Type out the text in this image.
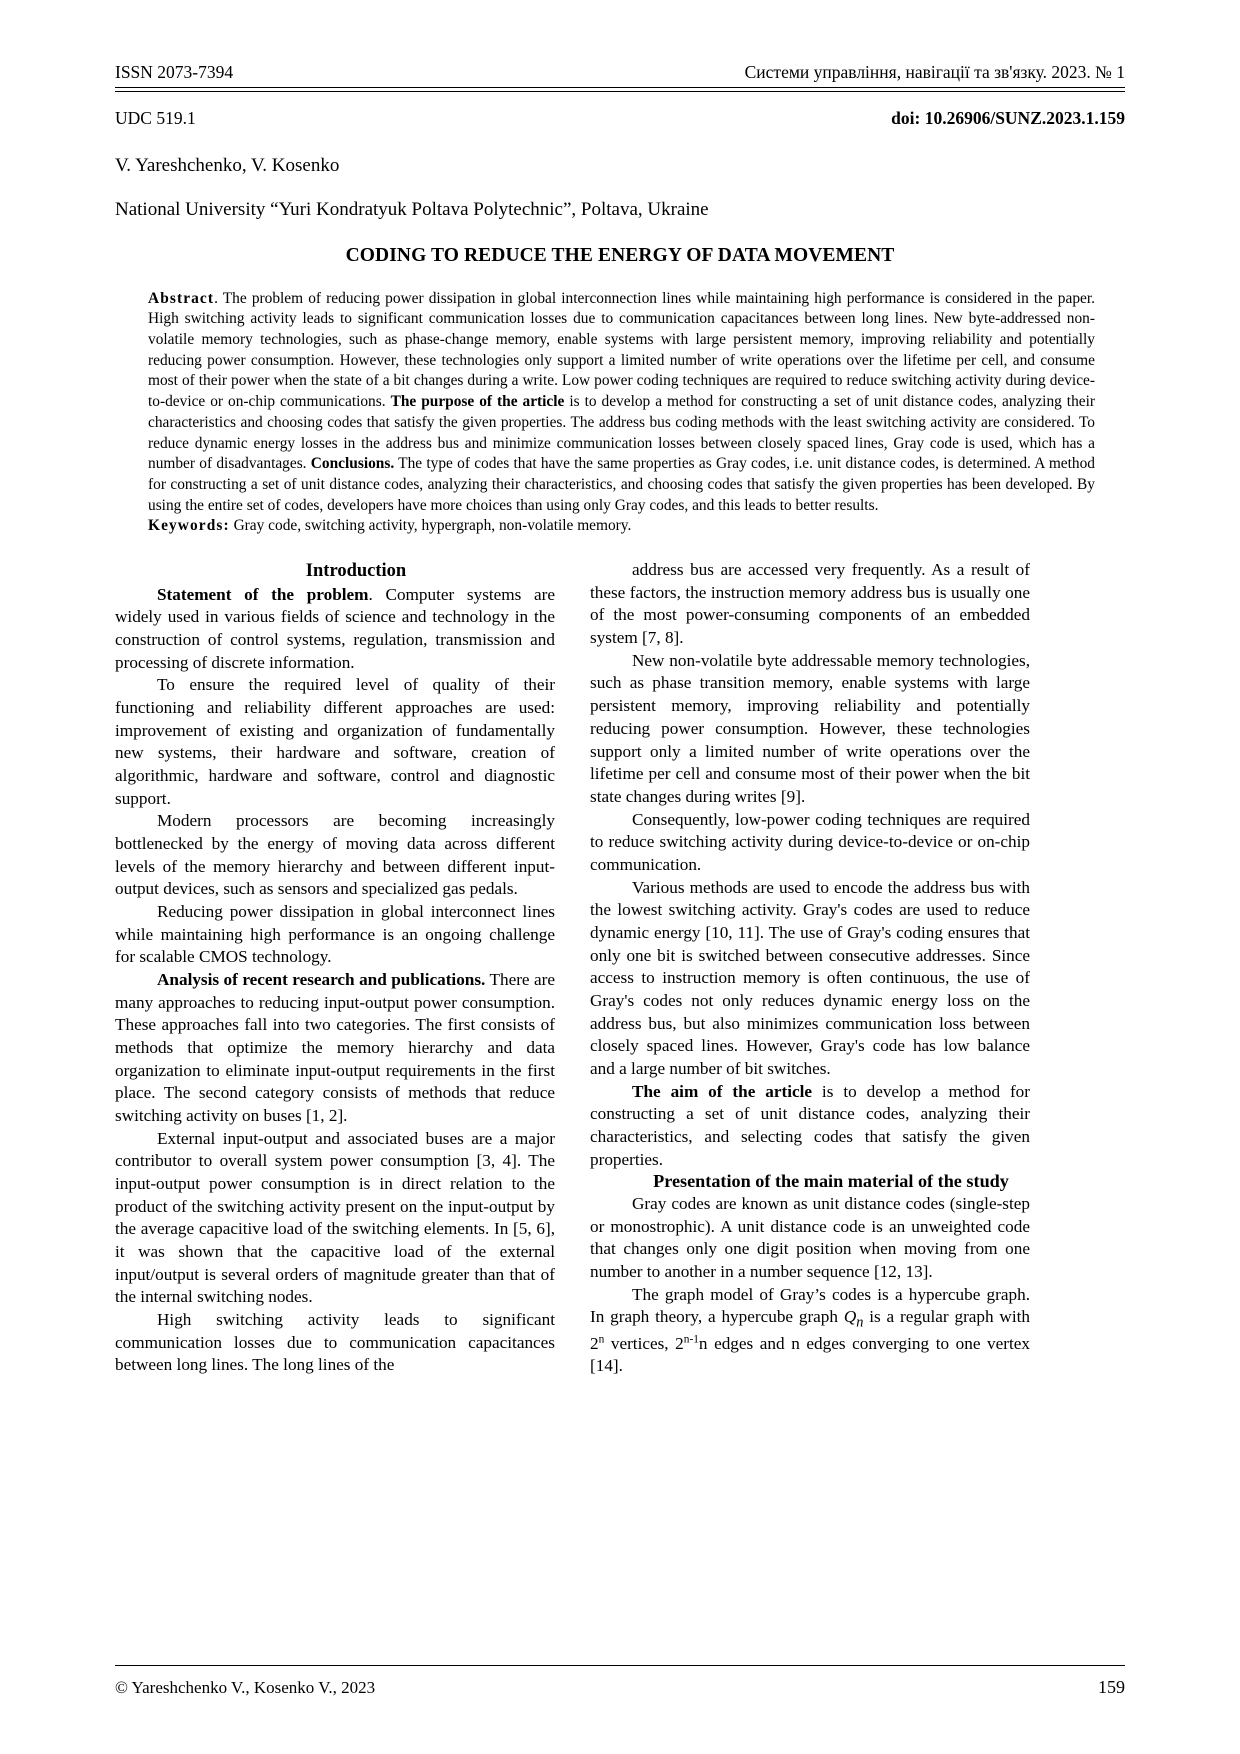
ISSN 2073-7394	Системи управління, навігації та зв'язку. 2023. № 1
UDC 519.1	doi: 10.26906/SUNZ.2023.1.159
V. Yareshchenko, V. Kosenko
National University “Yuri Kondratyuk Poltava Polytechnic”, Poltava, Ukraine
CODING TO REDUCE THE ENERGY OF DATA MOVEMENT

Abstract. The problem of reducing power dissipation in global interconnection lines while maintaining high performance is considered in the paper. High switching activity leads to significant communication losses due to communication capacitances between long lines. New byte-addressed non-volatile memory technologies, such as phase-change memory, enable systems with large persistent memory, improving reliability and potentially reducing power consumption. However, these technologies only support a limited number of write operations over the lifetime per cell, and consume most of their power when the state of a bit changes during a write. Low power coding techniques are required to reduce switching activity during device-to-device or on-chip communications. The purpose of the article is to develop a method for constructing a set of unit distance codes, analyzing their characteristics and choosing codes that satisfy the given properties. The address bus coding methods with the least switching activity are considered. To reduce dynamic energy losses in the address bus and minimize communication losses between closely spaced lines, Gray code is used, which has a number of disadvantages. Conclusions. The type of codes that have the same properties as Gray codes, i.e. unit distance codes, is determined. A method for constructing a set of unit distance codes, analyzing their characteristics, and choosing codes that satisfy the given properties has been developed. By using the entire set of codes, developers have more choices than using only Gray codes, and this leads to better results.

Keywords: Gray code, switching activity, hypergraph, non-volatile memory.

Introduction

Statement of the problem. Computer systems are widely used in various fields of science and technology in the construction of control systems, regulation, transmission and processing of discrete information.

To ensure the required level of quality of their functioning and reliability different approaches are used: improvement of existing and organization of fundamentally new systems, their hardware and software, creation of algorithmic, hardware and software, control and diagnostic support.

Modern processors are becoming increasingly bottlenecked by the energy of moving data across different levels of the memory hierarchy and between different input-output devices, such as sensors and specialized gas pedals.

Reducing power dissipation in global interconnect lines while maintaining high performance is an ongoing challenge for scalable CMOS technology.

Analysis of recent research and publications. There are many approaches to reducing input-output power consumption. These approaches fall into two categories. The first consists of methods that optimize the memory hierarchy and data organization to eliminate input-output requirements in the first place. The second category consists of methods that reduce switching activity on buses [1, 2].

External input-output and associated buses are a major contributor to overall system power consumption [3, 4]. The input-output power consumption is in direct relation to the product of the switching activity present on the input-output by the average capacitive load of the switching elements. In [5, 6], it was shown that the capacitive load of the external input/output is several orders of magnitude greater than that of the internal switching nodes.

High switching activity leads to significant communication losses due to communication capacitances between long lines. The long lines of the

address bus are accessed very frequently. As a result of these factors, the instruction memory address bus is usually one of the most power-consuming components of an embedded system [7, 8].

New non-volatile byte addressable memory technologies, such as phase transition memory, enable systems with large persistent memory, improving reliability and potentially reducing power consumption. However, these technologies support only a limited number of write operations over the lifetime per cell and consume most of their power when the bit state changes during writes [9].

Consequently, low-power coding techniques are required to reduce switching activity during device-to-device or on-chip communication.

Various methods are used to encode the address bus with the lowest switching activity. Gray's codes are used to reduce dynamic energy [10, 11]. The use of Gray's coding ensures that only one bit is switched between consecutive addresses. Since access to instruction memory is often continuous, the use of Gray's codes not only reduces dynamic energy loss on the address bus, but also minimizes communication loss between closely spaced lines. However, Gray's code has low balance and a large number of bit switches.

The aim of the article is to develop a method for constructing a set of unit distance codes, analyzing their characteristics, and selecting codes that satisfy the given properties.

Presentation of the main material of the study

Gray codes are known as unit distance codes (single-step or monostrophic). A unit distance code is an unweighted code that changes only one digit position when moving from one number to another in a number sequence [12, 13].

The graph model of Gray’s codes is a hypercube graph. In graph theory, a hypercube graph $Q_n$ is a regular graph with 2$^n$ vertices, 2$^{n-1}$n edges and n edges converging to one vertex [14].

© Yareshchenko V., Kosenko V., 2023	159
